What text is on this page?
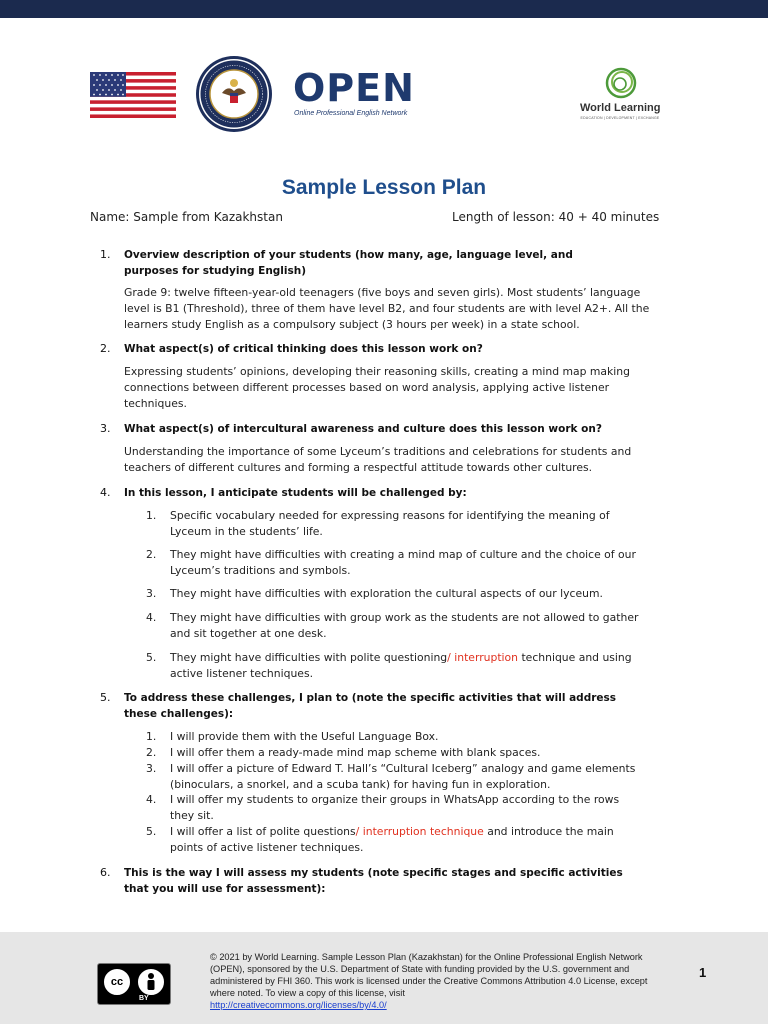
OPEN
Online Professional English Network	World Learning
EDUCATION | DEVELOPMENT | EXCHANGE
Sample Lesson Plan
Name: Sample from Kazakhstan	Length of lesson: 40 + 40 minutes
1.	Overview description of your students (how many, age, language level, and purposes for studying English)
Grade 9: twelve fifteen-year-old teenagers (five boys and seven girls). Most students’ language level is B1 (Threshold), three of them have level B2, and four students are with level A2+. All the learners study English as a compulsory subject (3 hours per week) in a state school.
2.	What aspect(s) of critical thinking does this lesson work on?
Expressing students’ opinions, developing their reasoning skills, creating a mind map making connections between different processes based on word analysis, applying active listener techniques.
3.	What aspect(s) of intercultural awareness and culture does this lesson work on?
Understanding the importance of some Lyceum’s traditions and celebrations for students and teachers of different cultures and forming a respectful attitude towards other cultures.
4.	In this lesson, I anticipate students will be challenged by:
1.	Specific vocabulary needed for expressing reasons for identifying the meaning of Lyceum in the students’ life.
2.	They might have difficulties with creating a mind map of culture and the choice of our Lyceum’s traditions and symbols.
3.	They might have difficulties with exploration the cultural aspects of our lyceum.
4.	They might have difficulties with group work as the students are not allowed to gather and sit together at one desk.
5.	They might have difficulties with polite questioning/ interruption technique and using active listener techniques.
5.	To address these challenges, I plan to (note the specific activities that will address these challenges):
1.	I will provide them with the Useful Language Box.
2.	I will offer them a ready-made mind map scheme with blank spaces.
3.	I will offer a picture of Edward T. Hall’s “Cultural Iceberg” analogy and game elements (binoculars, a snorkel, and a scuba tank) for having fun in exploration.
4.	I will offer my students to organize their groups in WhatsApp according to the rows they sit.
5.	I will offer a list of polite questions/ interruption technique and introduce the main points of active listener techniques.
6.	This is the way I will assess my students (note specific stages and specific activities that you will use for assessment):
cc
BY
© 2021 by World Learning. Sample Lesson Plan (Kazakhstan) for the Online Professional English Network (OPEN), sponsored by the U.S. Department of State with funding provided by the U.S. government and administered by FHI 360. This work is licensed under the Creative Commons Attribution 4.0 License, except where noted. To view a copy of this license, visit
http://creativecommons.org/licenses/by/4.0/
1
